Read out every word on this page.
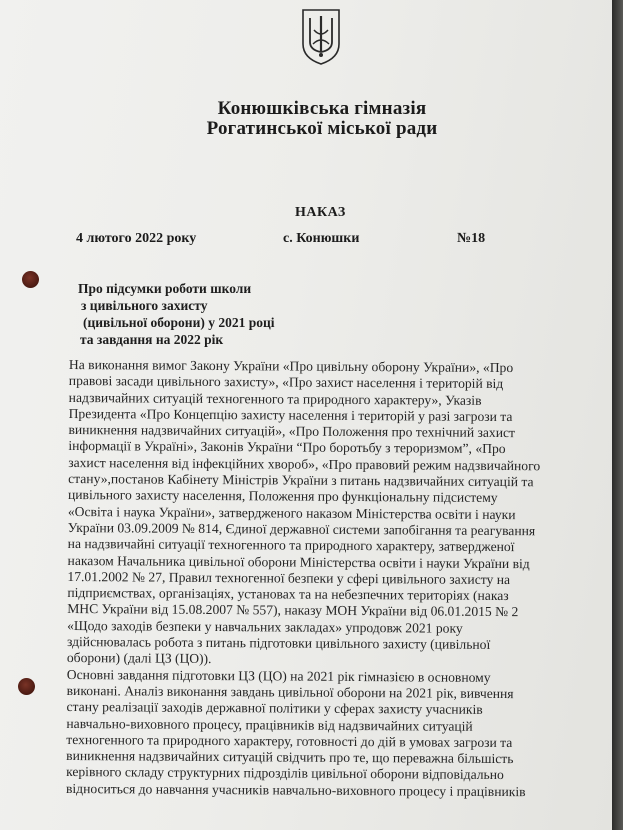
Конюшківська гімназія
Рогатинської міської ради
НАКАЗ
4 лютого 2022 року	с. Конюшки	№18
Про підсумки роботи школи
з цивільного захисту
(цивільної оборони) у 2021 році
та завдання на 2022 рік
На виконання вимог Закону України «Про цивільну оборону України», «Про
правові засади цивільного захисту», «Про захист населення і територій від
надзвичайних ситуацій техногенного та природного характеру», Указів
Президента «Про Концепцію захисту населення і територій у разі загрози та
виникнення надзвичайних ситуацій», «Про Положення про технічний захист
інформації в Україні», Законів України “Про боротьбу з тероризмом”, «Про
захист населення від інфекційних хвороб», «Про правовий режим надзвичайного
стану»,постанов Кабінету Міністрів України з питань надзвичайних ситуацій та
цивільного захисту населення, Положення про функціональну підсистему
«Освіта і наука України», затвердженого наказом Міністерства освіти і науки
України 03.09.2009 № 814, Єдиної державної системи запобігання та реагування
на надзвичайні ситуації техногенного та природного характеру, затвердженої
наказом Начальника цивільної оборони Міністерства освіти і науки України від
17.01.2002 № 27, Правил техногенної безпеки у сфері цивільного захисту на
підприємствах, організаціях, установах та на небезпечних територіях (наказ
МНС України від 15.08.2007 № 557), наказу МОН України від 06.01.2015 № 2
«Щодо заходів безпеки у навчальних закладах» упродовж 2021 року
здійснювалась робота з питань підготовки цивільного захисту (цивільної
оборони) (далі ЦЗ (ЦО)).
Основні завдання підготовки ЦЗ (ЦО) на 2021 рік гімназією в основному
виконані. Аналіз виконання завдань цивільної оборони на 2021 рік, вивчення
стану реалізації заходів державної політики у сферах захисту учасників
навчально-виховного процесу, працівників від надзвичайних ситуацій
техногенного та природного характеру, готовності до дій в умовах загрози та
виникнення надзвичайних ситуацій свідчить про те, що переважна більшість
керівного складу структурних підрозділів цивільної оборони відповідально
відноситься до навчання учасників навчально-виховного процесу і працівників
